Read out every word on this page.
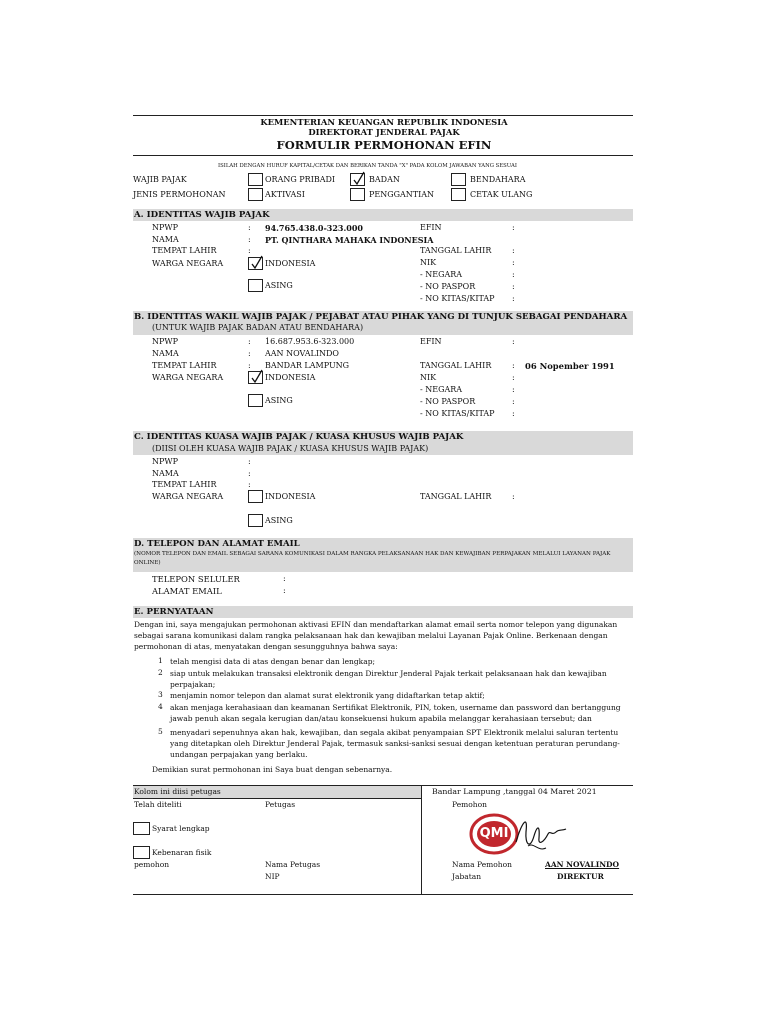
KEMENTERIAN KEUANGAN REPUBLIK INDONESIA
DIREKTORAT JENDERAL PAJAK
FORMULIR PERMOHONAN EFIN
ISILAH DENGAN HURUF KAPITAL/CETAK DAN BERIKAN TANDA "X" PADA KOLOM JAWABAN YANG SESUAI
WAJIB PAJAK
JENIS PERMOHONAN
ORANG PRIBADI	BADAN	BENDAHARA
AKTIVASI	PENGGANTIAN	CETAK ULANG
A. IDENTITAS WAJIB PAJAK
NPWP	: 94.765.438.0-323.000
NAMA	: PT. QINTHARA MAHAKA INDONESIA
TEMPAT LAHIR	:
WARGA NEGARA	INDONESIA
ASING
EFIN	:
TANGGAL LAHIR	:
NIK	:
- NEGARA	:
- NO PASPOR	:
- NO KITAS/KITAP :
B. IDENTITAS WAKIL WAJIB PAJAK / PEJABAT ATAU PIHAK YANG DI TUNJUK SEBAGAI PENDAHARA
(UNTUK WAJIB PAJAK BADAN ATAU BENDAHARA)
NPWP	: 16.687.953.6-323.000
NAMA	: AAN NOVALINDO
TEMPAT LAHIR	: BANDAR LAMPUNG
WARGA NEGARA	INDONESIA
ASING
EFIN	:
TANGGAL LAHIR	: 06 Nopember 1991
NIK	:
- NEGARA	:
- NO PASPOR	:
- NO KITAS/KITAP :
C. IDENTITAS KUASA WAJIB PAJAK / KUASA KHUSUS WAJIB PAJAK
(DIISI OLEH KUASA WAJIB PAJAK / KUASA KHUSUS WAJIB PAJAK)
NPWP	:
NAMA	:
TEMPAT LAHIR	:
WARGA NEGARA	INDONESIA
ASING
TANGGAL LAHIR	:
D. TELEPON DAN ALAMAT EMAIL
(NOMOR TELEPON DAN EMAIL SEBAGAI SARANA KOMUNIKASI DALAM RANGKA PELAKSANAAN HAK DAN KEWAJIBAN PERPAJAKAN MELALUI LAYANAN PAJAK ONLINE)
TELEPON SELULER	:
ALAMAT EMAIL	:
E. PERNYATAAN
Dengan ini, saya mengajukan permohonan aktivasi EFIN dan mendaftarkan alamat email serta nomor telepon yang digunakan sebagai sarana komunikasi dalam rangka pelaksanaan hak dan kewajiban melalui Layanan Pajak Online. Berkenaan dengan permohonan di atas, menyatakan dengan sesungguhnya bahwa saya:
1 telah mengisi data di atas dengan benar dan lengkap;
2 siap untuk melakukan transaksi elektronik dengan Direktur Jenderal Pajak terkait pelaksanaan hak dan kewajiban perpajakan;
3 menjamin nomor telepon dan alamat surat elektronik yang didaftarkan tetap aktif;
4 akan menjaga kerahasiaan dan keamanan Sertifikat Elektronik, PIN, token, username dan password dan bertanggung jawab penuh akan segala kerugian dan/atau konsekuensi hukum apabila melanggar kerahasiaan tersebut; dan
5 menyadari sepenuhnya akan hak, kewajiban, dan segala akibat penyampaian SPT Elektronik melalui saluran tertentu yang ditetapkan oleh Direktur Jenderal Pajak, termasuk sanksi-sanksi sesuai dengan ketentuan peraturan perundang-undangan perpajakan yang berlaku.
Demikian surat permohonan ini Saya buat dengan sebenarnya.
Kolom ini diisi petugas	Bandar Lampung ,tanggal 04 Maret 2021
Telah diteliti	Petugas	Pemohon
Syarat lengkap
Kebenaran fisik
pemohon	Nama Petugas
NIP
QMI
Nama Pemohon	AAN NOVALINDO
Jabatan	DIREKTUR
